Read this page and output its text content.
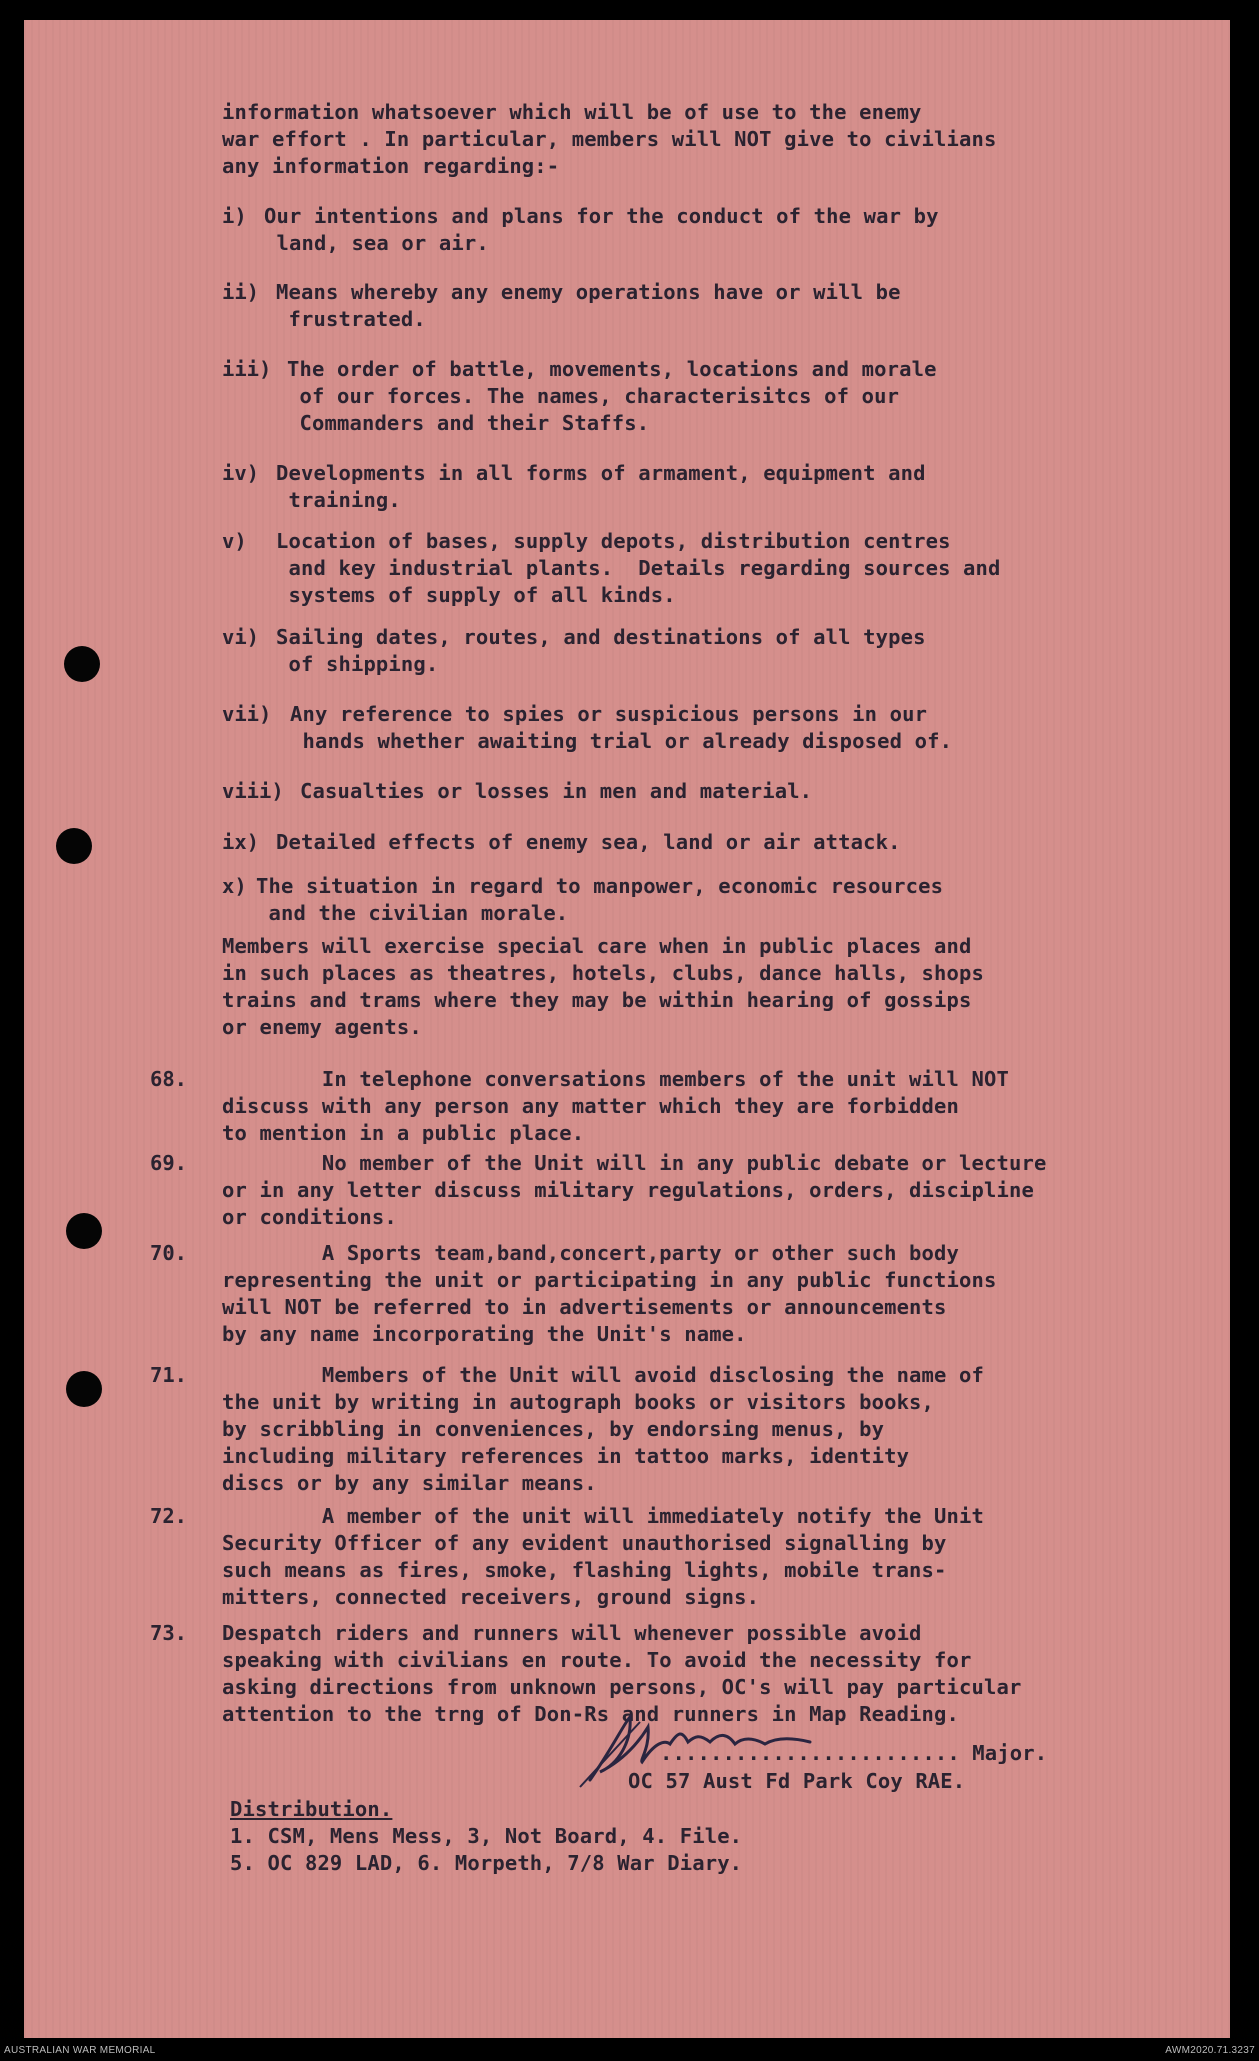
information whatsoever which will be of use to the enemy
war effort . In particular, members will NOT give to civilians
any information regarding:-
i) Our intentions and plans for the conduct of the war by
land, sea or air.
ii) Means whereby any enemy operations have or will be
frustrated.
iii) The order of battle, movements, locations and morale
of our forces. The names, characterisitcs of our
Commanders and their Staffs.
iv) Developments in all forms of armament, equipment and
training.
v) Location of bases, supply depots, distribution centres
and key industrial plants.  Details regarding sources and
systems of supply of all kinds.
vi) Sailing dates, routes, and destinations of all types
of shipping.
vii) Any reference to spies or suspicious persons in our
hands whether awaiting trial or already disposed of.
viii) Casualties or losses in men and material.
ix) Detailed effects of enemy sea, land or air attack.
x) The situation in regard to manpower, economic resources
and the civilian morale.
Members will exercise special care when in public places and
in such places as theatres, hotels, clubs, dance halls, shops
trains and trams where they may be within hearing of gossips
or enemy agents.
68.	In telephone conversations members of the unit will NOT
discuss with any person any matter which they are forbidden
to mention in a public place.
69.	No member of the Unit will in any public debate or lecture
or in any letter discuss military regulations, orders, discipline
or conditions.
70.	A Sports team,band,concert,party or other such body
representing the unit or participating in any public functions
will NOT be referred to in advertisements or announcements
by any name incorporating the Unit's name.
71.	Members of the Unit will avoid disclosing the name of
the unit by writing in autograph books or visitors books,
by scribbling in conveniences, by endorsing menus, by
including military references in tattoo marks, identity
discs or by any similar means.
72.	A member of the unit will immediately notify the Unit
Security Officer of any evident unauthorised signalling by
such means as fires, smoke, flashing lights, mobile trans-
mitters, connected receivers, ground signs.
73. Despatch riders and runners will whenever possible avoid
speaking with civilians en route. To avoid the necessity for
asking directions from unknown persons, OC's will pay particular
attention to the trng of Don-Rs and runners in Map Reading.
........................ Major.
OC 57 Aust Fd Park Coy RAE.
Distribution.
1. CSM, Mens Mess, 3, Not Board, 4. File.
5. OC 829 LAD, 6. Morpeth, 7/8 War Diary.
AUSTRALIAN WAR MEMORIAL	AWM2020.71.3237
